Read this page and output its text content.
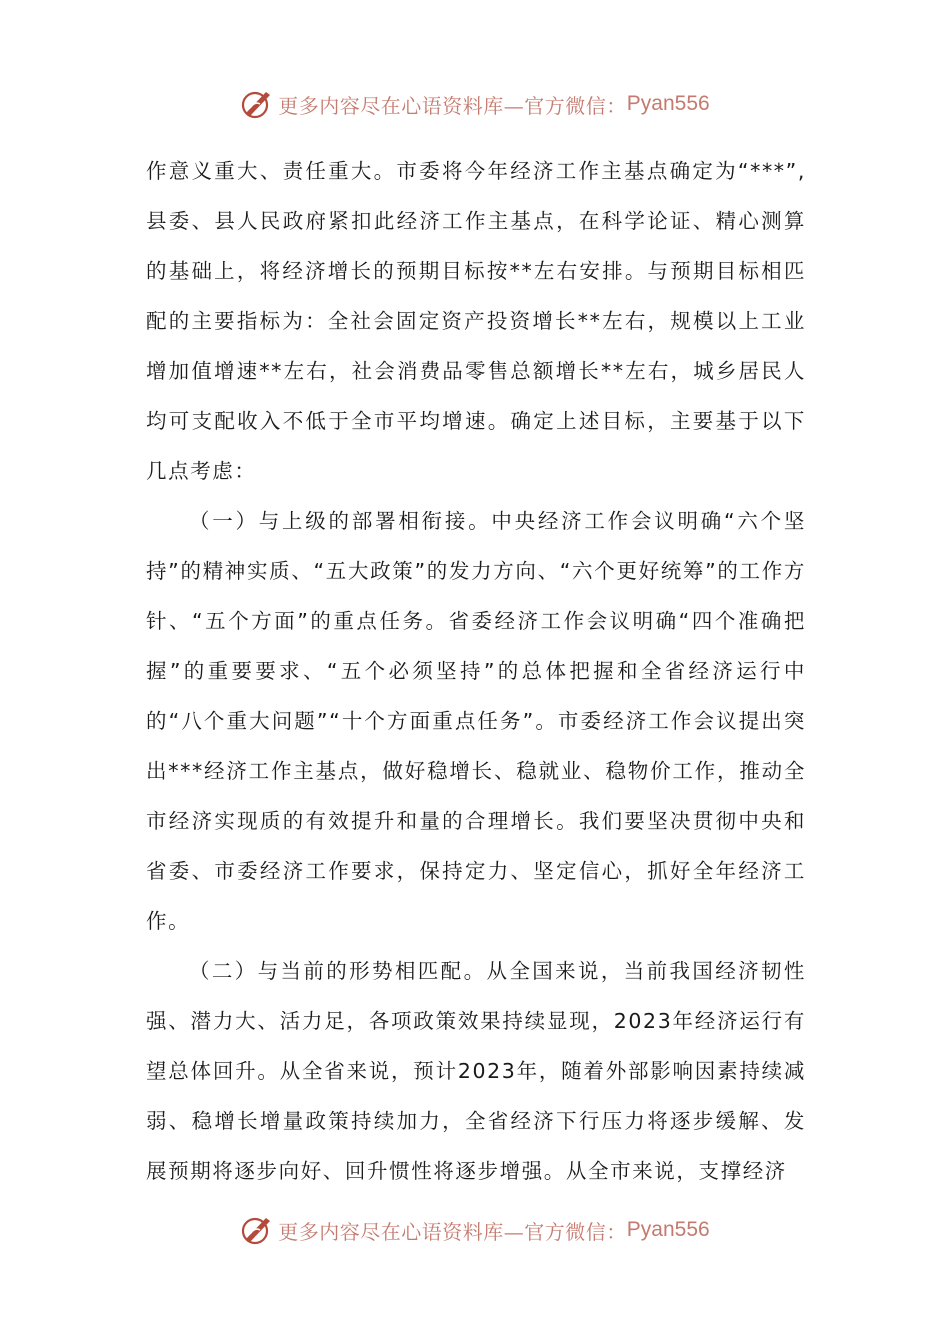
更多内容尽在心语资料库—官方微信： Pyan556

作意义重大、责任重大。市委将今年经济工作主基点确定为“***”,县委、县人民政府紧扣此经济工作主基点，在科学论证、精心测算的基础上，将经济增长的预期目标按**左右安排。与预期目标相匹配的主要指标为：全社会固定资产投资增长**左右，规模以上工业增加值增速**左右，社会消费品零售总额增长**左右，城乡居民人均可支配收入不低于全市平均增速。确定上述目标，主要基于以下几点考虑：

（一）与上级的部署相衔接。中央经济工作会议明确“六个坚持”的精神实质、“五大政策”的发力方向、“六个更好统筹”的工作方针、“五个方面”的重点任务。省委经济工作会议明确“四个准确把握”的重要要求、“五个必须坚持”的总体把握和全省经济运行中的“八个重大问题”“十个方面重点任务”。市委经济工作会议提出突出***经济工作主基点，做好稳增长、稳就业、稳物价工作，推动全市经济实现质的有效提升和量的合理增长。我们要坚决贯彻中央和省委、市委经济工作要求，保持定力、坚定信心，抓好全年经济工作。

（二）与当前的形势相匹配。从全国来说，当前我国经济韧性强、潜力大、活力足，各项政策效果持续显现，2023年经济运行有望总体回升。从全省来说，预计2023年，随着外部影响因素持续减弱、稳增长增量政策持续加力，全省经济下行压力将逐步缓解、发展预期将逐步向好、回升惯性将逐步增强。从全市来说，支撑经济

更多内容尽在心语资料库—官方微信： Pyan556
